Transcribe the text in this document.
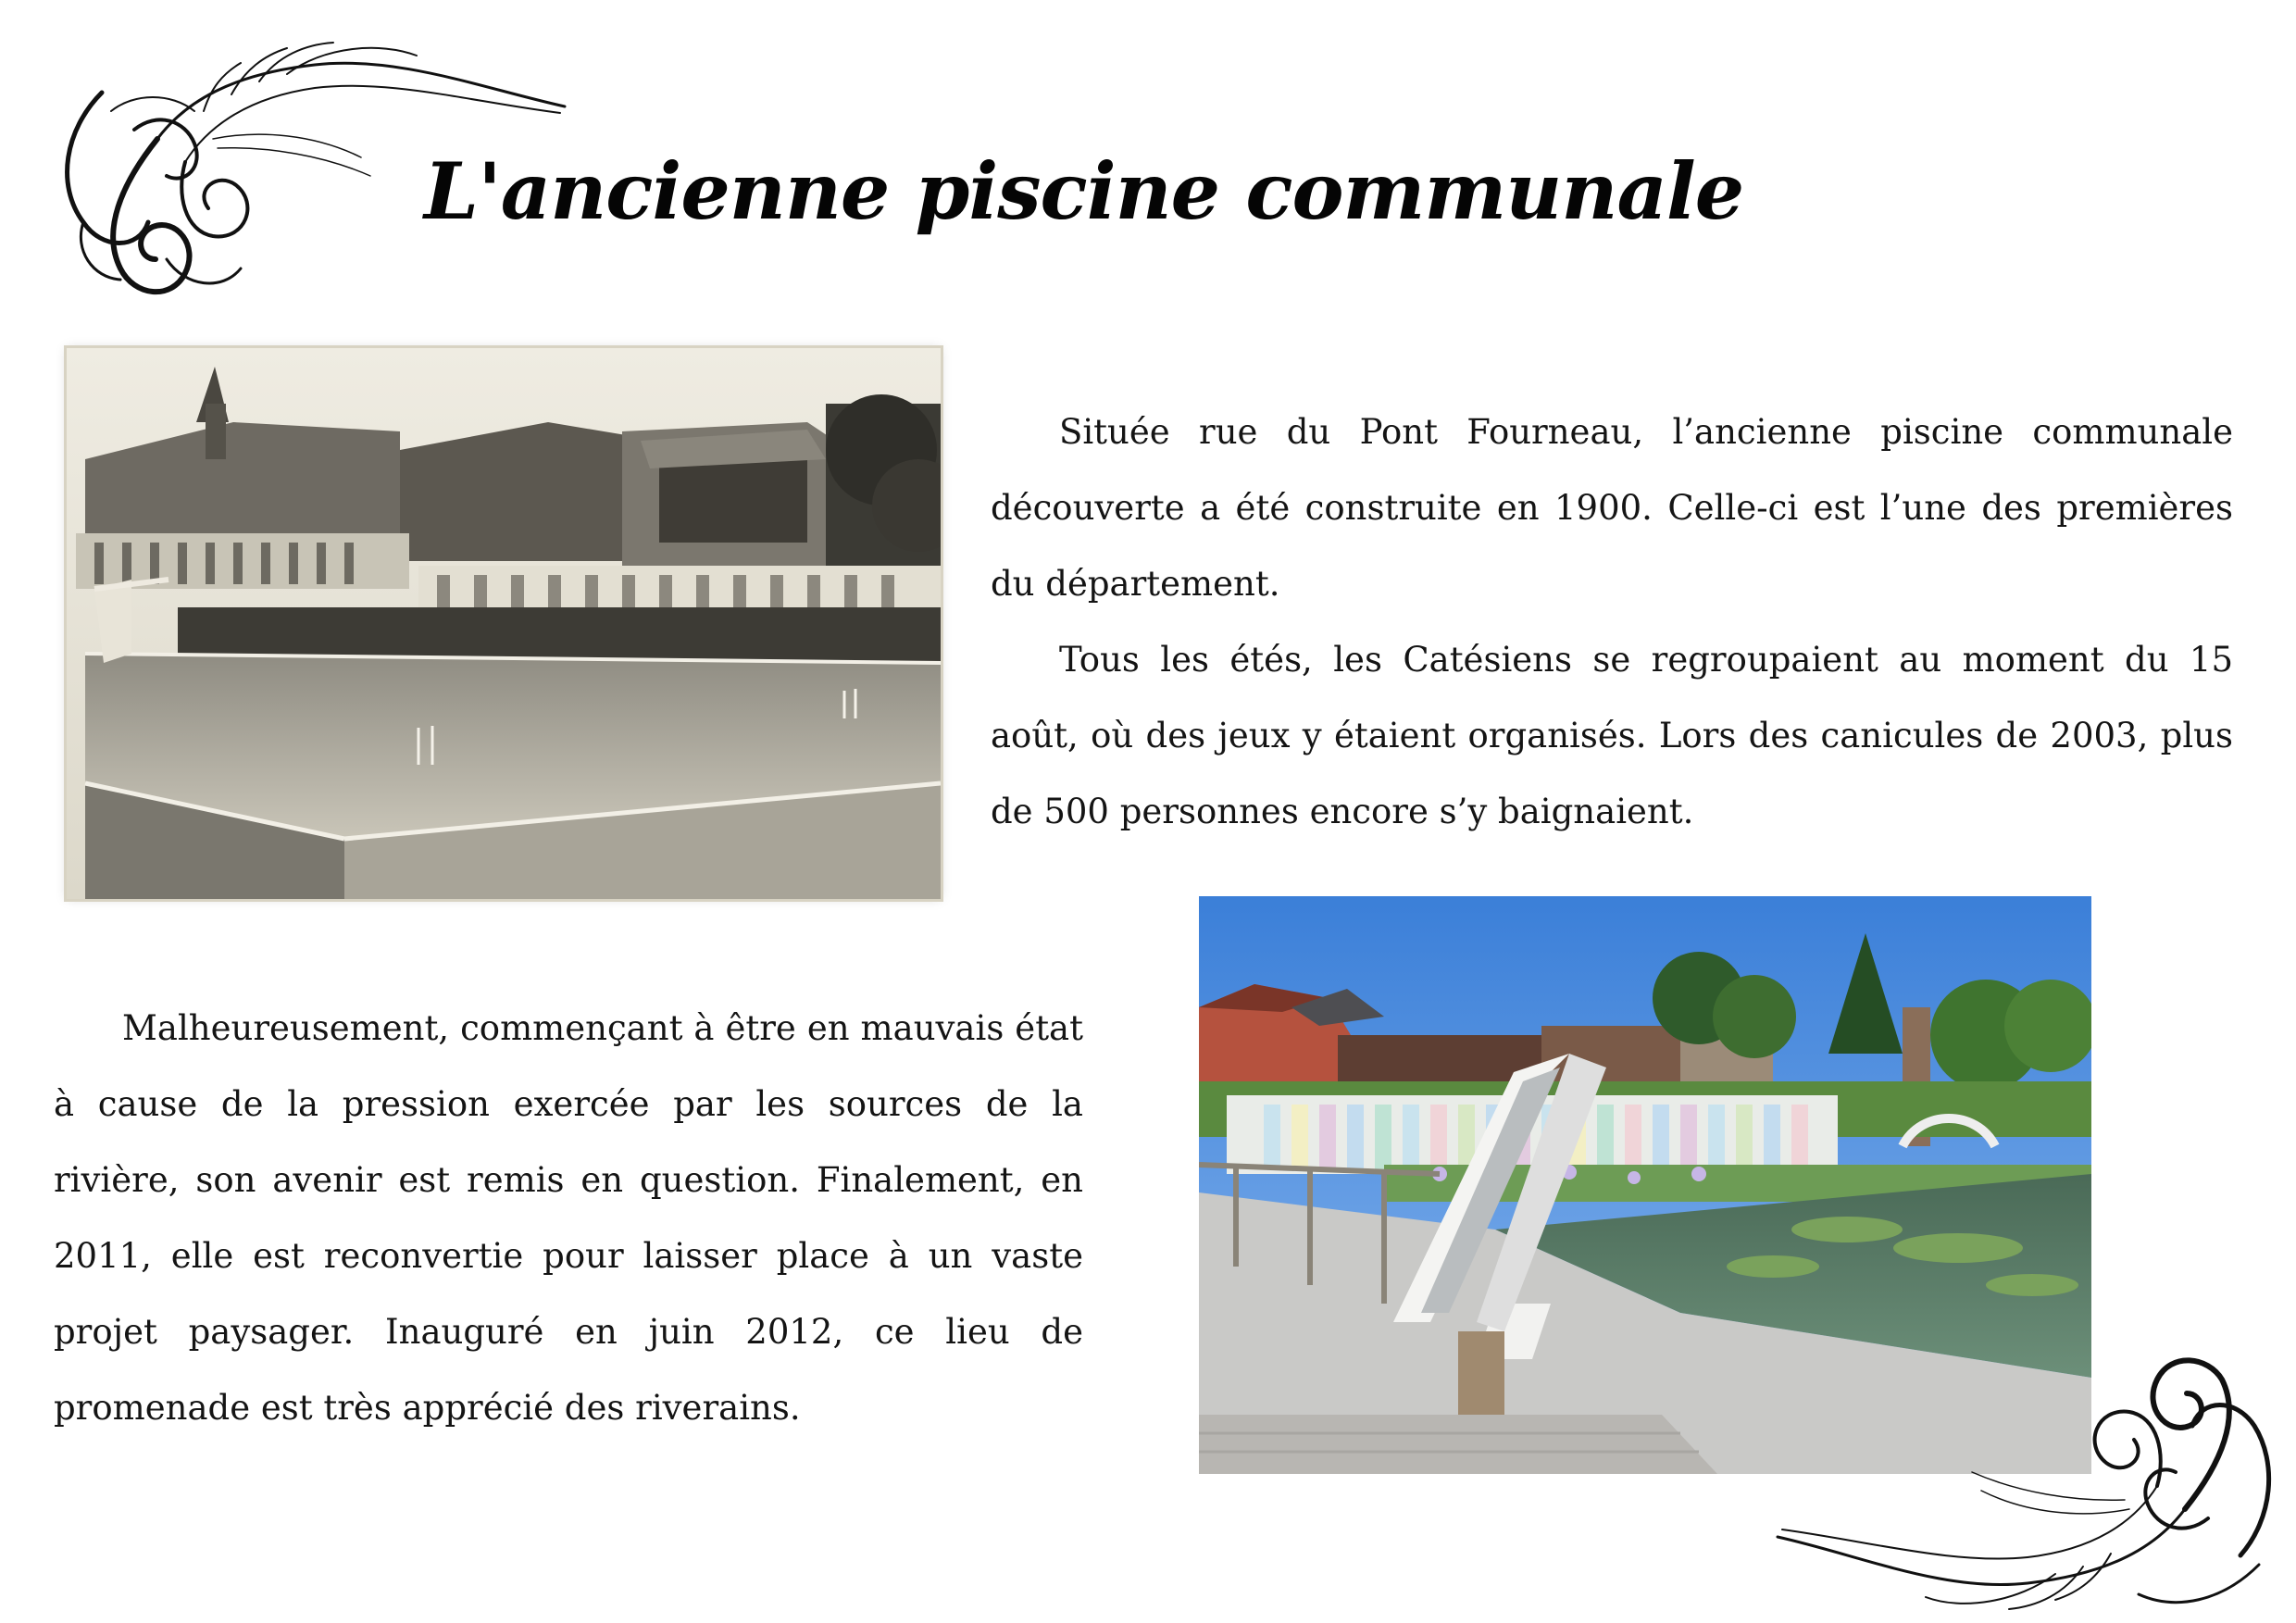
L'ancienne piscine communale

Située rue du Pont Fourneau, l’ancienne piscine communale découverte a été construite en 1900. Celle-ci est l’une des premières du département.

Tous les étés, les Catésiens se regroupaient au moment du 15 août, où des jeux y étaient organisés. Lors des canicules de 2003, plus de 500 personnes encore s’y baignaient.

Malheureusement, commençant à être en mauvais état à cause de la pression exercée par les sources de la rivière, son avenir est remis en question. Finalement, en 2011, elle est reconvertie pour laisser place à un vaste projet paysager. Inauguré en juin 2012, ce lieu de promenade est très apprécié des riverains.
